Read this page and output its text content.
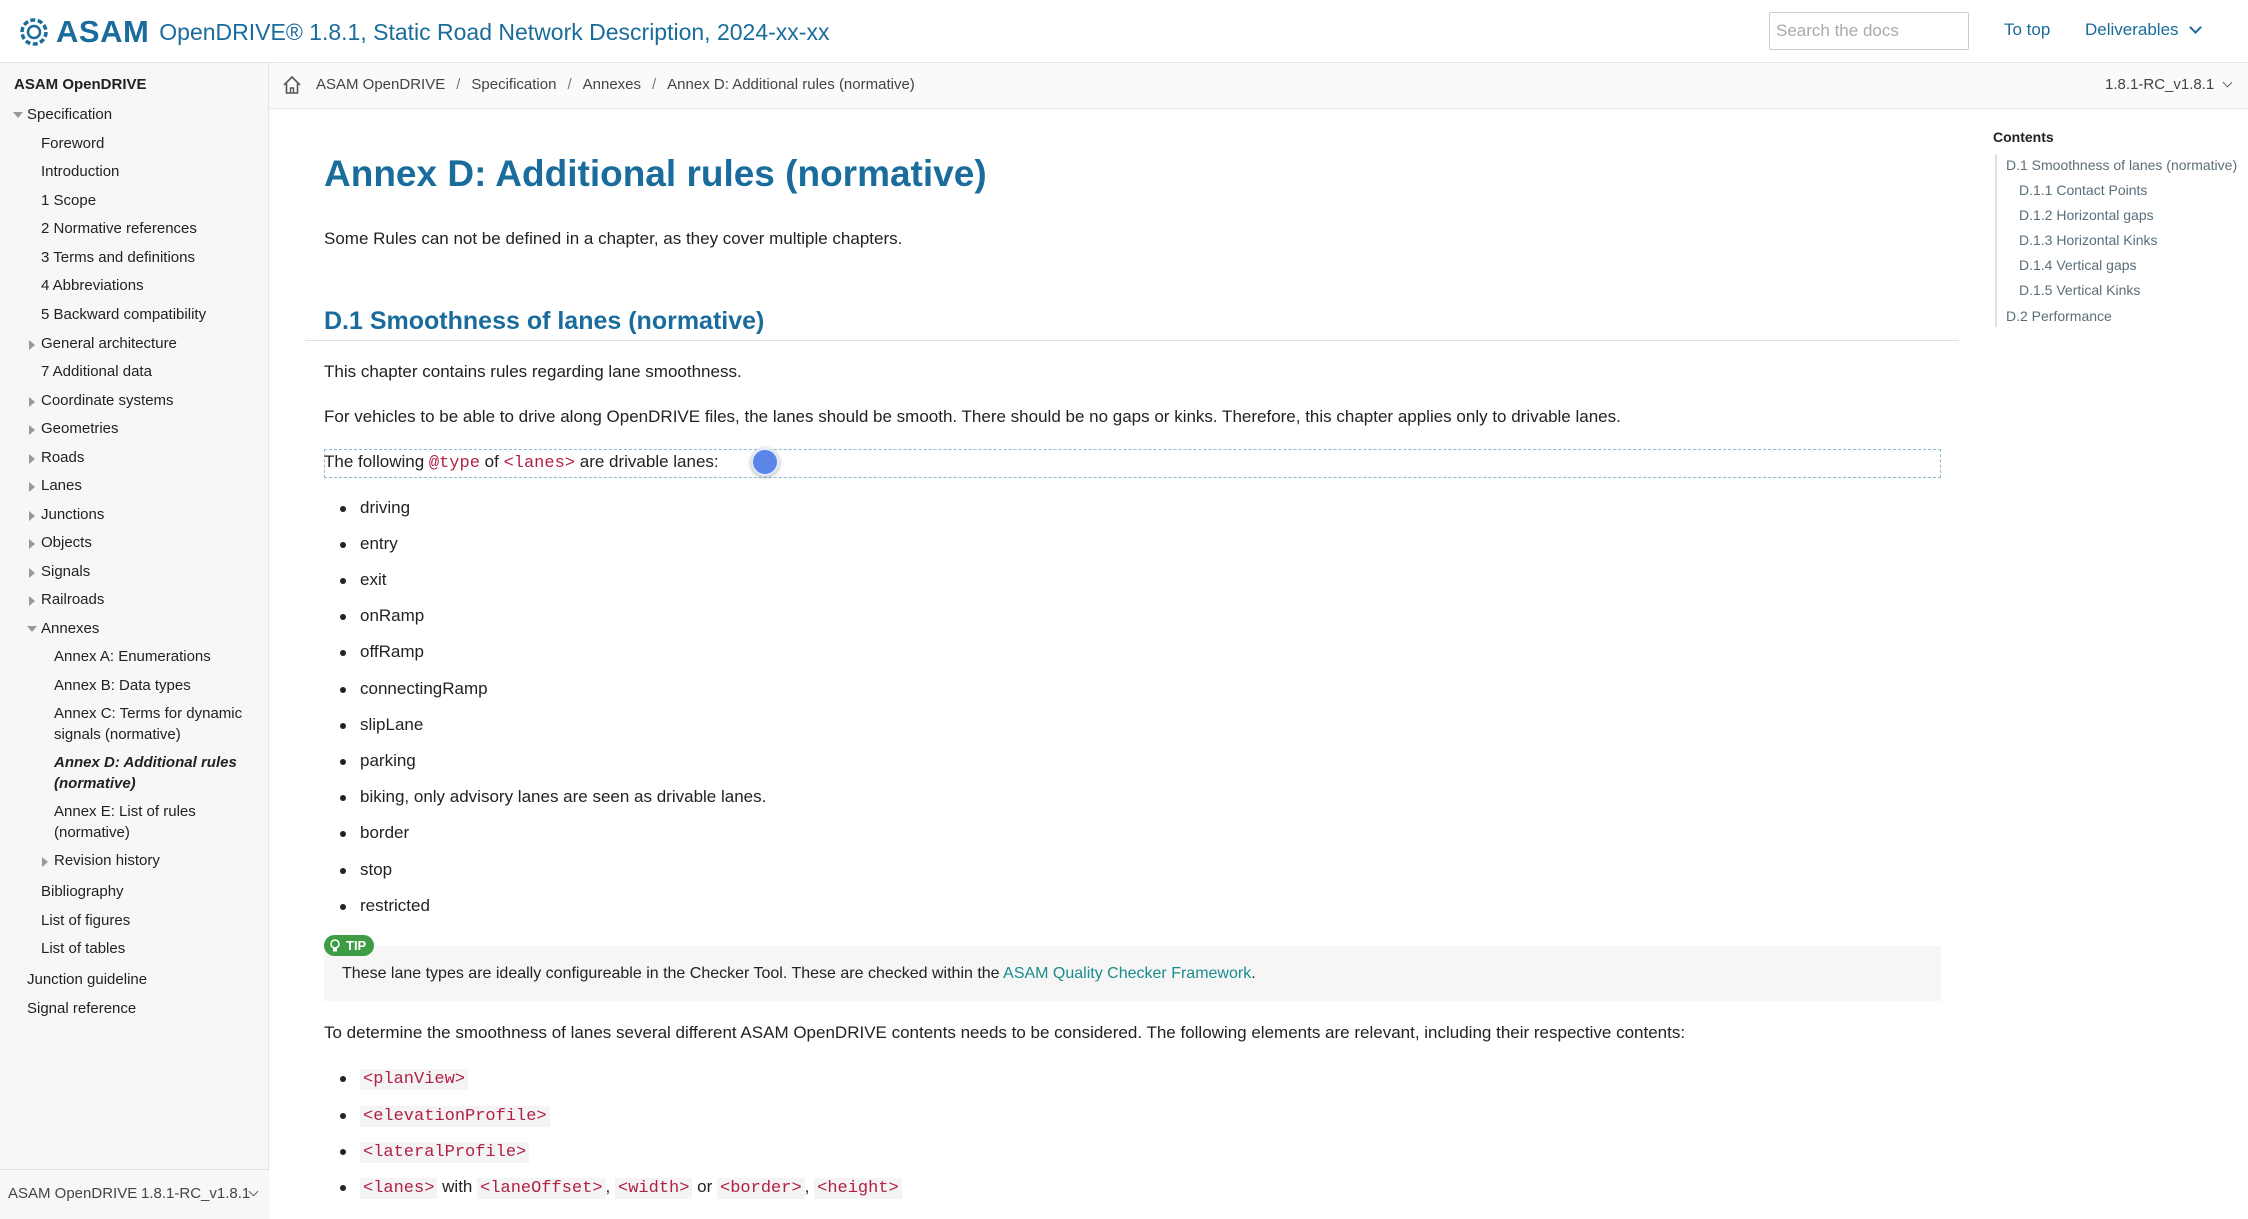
ASAM OpenDRIVE® 1.8.1, Static Road Network Description, 2024-xx-xx
Search the docs	To top Deliverables
ASAM OpenDRIVE
Specification
Foreword
Introduction
1 Scope
2 Normative references
3 Terms and definitions
4 Abbreviations
5 Backward compatibility
General architecture
7 Additional data
Coordinate systems
Geometries
Roads
Lanes
Junctions
Objects
Signals
Railroads
Annexes
Annex A: Enumerations
Annex B: Data types
Annex C: Terms for dynamic
signals (normative)
Annex D: Additional rules
(normative)
Annex E: List of rules
(normative)
Revision history
Bibliography
List of figures
List of tables
Junction guideline
Signal reference
ASAM OpenDRIVE 1.8.1-RC_v1.8.1
ASAM OpenDRIVE / Specification / Annexes / Annex D: Additional rules (normative)	1.8.1-RC_v1.8.1
Annex D: Additional rules (normative)

Some Rules can not be defined in a chapter, as they cover multiple chapters.

D.1 Smoothness of lanes (normative)

This chapter contains rules regarding lane smoothness.

For vehicles to be able to drive along OpenDRIVE files, the lanes should be smooth. There should be no gaps or kinks. Therefore, this chapter applies only to drivable lanes.

The following @type of <lanes> are drivable lanes:

driving
entry
exit
onRamp
offRamp
connectingRamp
slipLane
parking
biking, only advisory lanes are seen as drivable lanes.
border
stop
restricted

These lane types are ideally configureable in the Checker Tool. These are checked within the ASAM Quality Checker Framework.

TIP

To determine the smoothness of lanes several different ASAM OpenDRIVE contents needs to be considered. The following elements are relevant, including their respective contents:

<planView>
<elevationProfile>
<lateralProfile>
<lanes> with <laneOffset> , <width> or <border> , <height>
Contents
D.1 Smoothness of lanes (normative)
D.1.1 Contact Points
D.1.2 Horizontal gaps
D.1.3 Horizontal Kinks
D.1.4 Vertical gaps
D.1.5 Vertical Kinks
D.2 Performance
